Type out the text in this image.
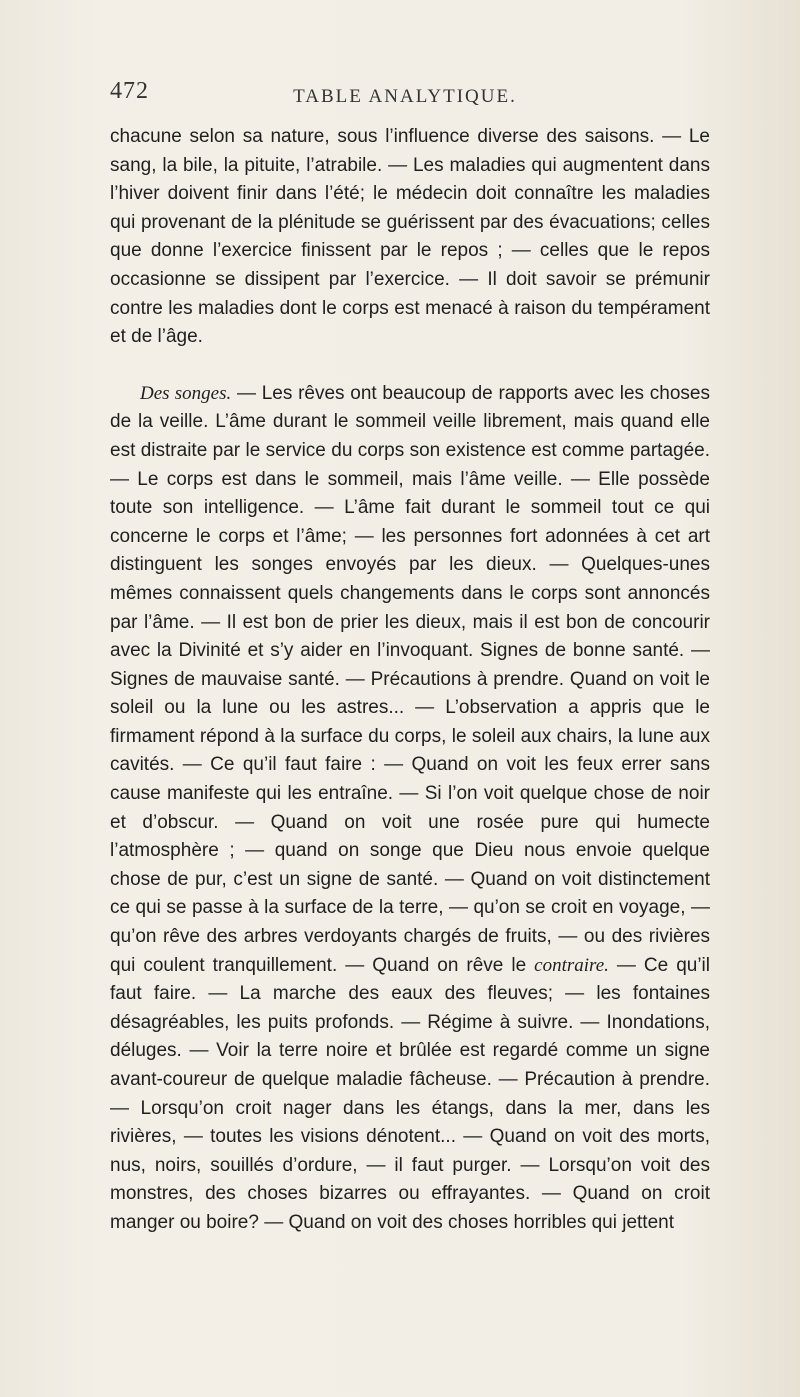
472	TABLE ANALYTIQUE.

chacune selon sa nature, sous l’influence diverse des saisons. — Le sang, la bile, la pituite, l’atrabile. — Les maladies qui augmentent dans l’hiver doivent finir dans l’été; le médecin doit connaître les maladies qui provenant de la plénitude se guérissent par des évacuations; celles que donne l’exercice finissent par le repos ; — celles que le repos occasionne se dissipent par l’exercice. — Il doit savoir se prémunir contre les maladies dont le corps est menacé à raison du tempérament et de l’âge.

Des songes. — Les rêves ont beaucoup de rapports avec les choses de la veille. L’âme durant le sommeil veille librement, mais quand elle est distraite par le service du corps son existence est comme partagée. — Le corps est dans le sommeil, mais l’âme veille. — Elle possède toute son intelligence. — L’âme fait durant le sommeil tout ce qui concerne le corps et l’âme; — les personnes fort adonnées à cet art distinguent les songes envoyés par les dieux. — Quelques-unes mêmes connaissent quels changements dans le corps sont annoncés par l’âme. — Il est bon de prier les dieux, mais il est bon de concourir avec la Divinité et s’y aider en l’invoquant. Signes de bonne santé. — Signes de mauvaise santé. — Précautions à prendre. Quand on voit le soleil ou la lune ou les astres... — L’observation a appris que le firmament répond à la surface du corps, le soleil aux chairs, la lune aux cavités. — Ce qu’il faut faire : — Quand on voit les feux errer sans cause manifeste qui les entraîne. — Si l’on voit quelque chose de noir et d’obscur. — Quand on voit une rosée pure qui humecte l’atmosphère ; — quand on songe que Dieu nous envoie quelque chose de pur, c’est un signe de santé. — Quand on voit distinctement ce qui se passe à la surface de la terre, — qu’on se croit en voyage, — qu’on rêve des arbres verdoyants chargés de fruits, — ou des rivières qui coulent tranquillement. — Quand on rêve le contraire. — Ce qu’il faut faire. — La marche des eaux des fleuves; — les fontaines désagréables, les puits profonds. — Régime à suivre. — Inondations, déluges. — Voir la terre noire et brûlée est regardé comme un signe avant-coureur de quelque maladie fâcheuse. — Précaution à prendre. — Lorsqu’on croit nager dans les étangs, dans la mer, dans les rivières, — toutes les visions dénotent... — Quand on voit des morts, nus, noirs, souillés d’ordure, — il faut purger. — Lorsqu’on voit des monstres, des choses bizarres ou effrayantes. — Quand on croit manger ou boire? — Quand on voit des choses horribles qui jettent
